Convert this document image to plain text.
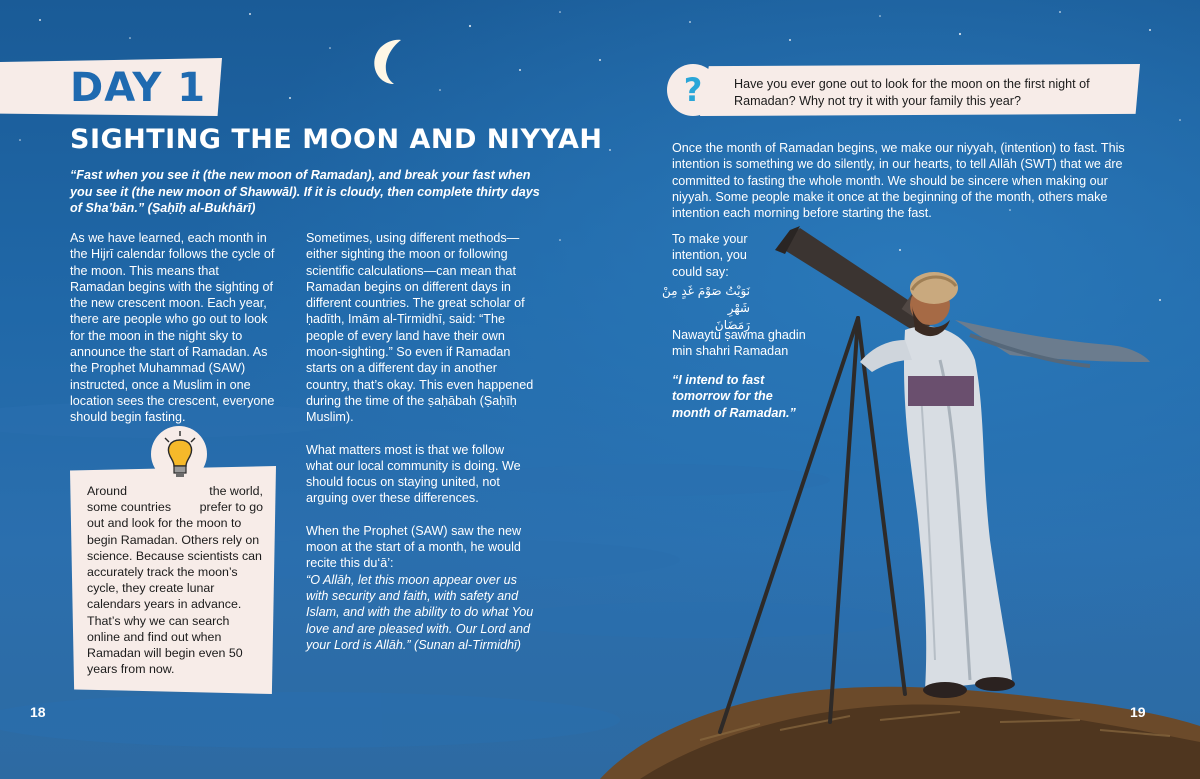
DAY 1
SIGHTING THE MOON AND NIYYAH
“Fast when you see it (the new moon of Ramadan), and break your fast when you see it (the new moon of Shawwāl). If it is cloudy, then complete thirty days of Sha’bān.” (Ṣaḥīḥ al-Bukhārī)

As we have learned, each month in the Hijrī calendar follows the cycle of the moon. This means that Ramadan begins with the sighting of the new crescent moon. Each year, there are people who go out to look for the moon in the night sky to announce the start of Ramadan. As the Prophet Muhammad (SAW) instructed, once a Muslim in one location sees the crescent, everyone should begin fasting.

Sometimes, using different methods—either sighting the moon or following scientific calculations—can mean that Ramadan begins on different days in different countries. The great scholar of ḥadīth, Imām al-Tirmidhī, said: “The people of every land have their own moon-sighting.” So even if Ramadan starts on a different day in another country, that’s okay. This even happened during the time of the ṣaḥābah (Ṣaḥīḥ Muslim).

What matters most is that we follow what our local community is doing. We should focus on staying united, not arguing over these differences.

When the Prophet (SAW) saw the new moon at the start of a month, he would recite this du‘ā’:
“O Allāh, let this moon appear over us with security and faith, with safety and Islam, and with the ability to do what You love and are pleased with. Our Lord and your Lord is Allāh.” (Sunan al-Tirmidhī)

Around	the world,
some countries prefer to go
out and look for the moon to begin Ramadan. Others rely on science. Because scientists can accurately track the moon’s cycle, they create lunar calendars years in advance. That’s why we can search online and find out when Ramadan will begin even 50 years from now.
18
?	Have you ever gone out to look for the moon on the first night of Ramadan? Why not try it with your family this year?
Once the month of Ramadan begins, we make our niyyah, (intention) to fast. This intention is something we do silently, in our hearts, to tell Allāh (SWT) that we are committed to fasting the whole month. We should be sincere when making our niyyah. Some people make it once at the beginning of the month, others make intention each morning before starting the fast.
To make your
intention, you
could say:
نَوَيْتُ صَوْمَ غَدٍ مِنْ شَهْرِ
رَمَضَانَ
Nawaytu ṣawma ghadin
min shahri Ramadan
“I intend to fast
tomorrow for the
month of Ramadan.”
19
